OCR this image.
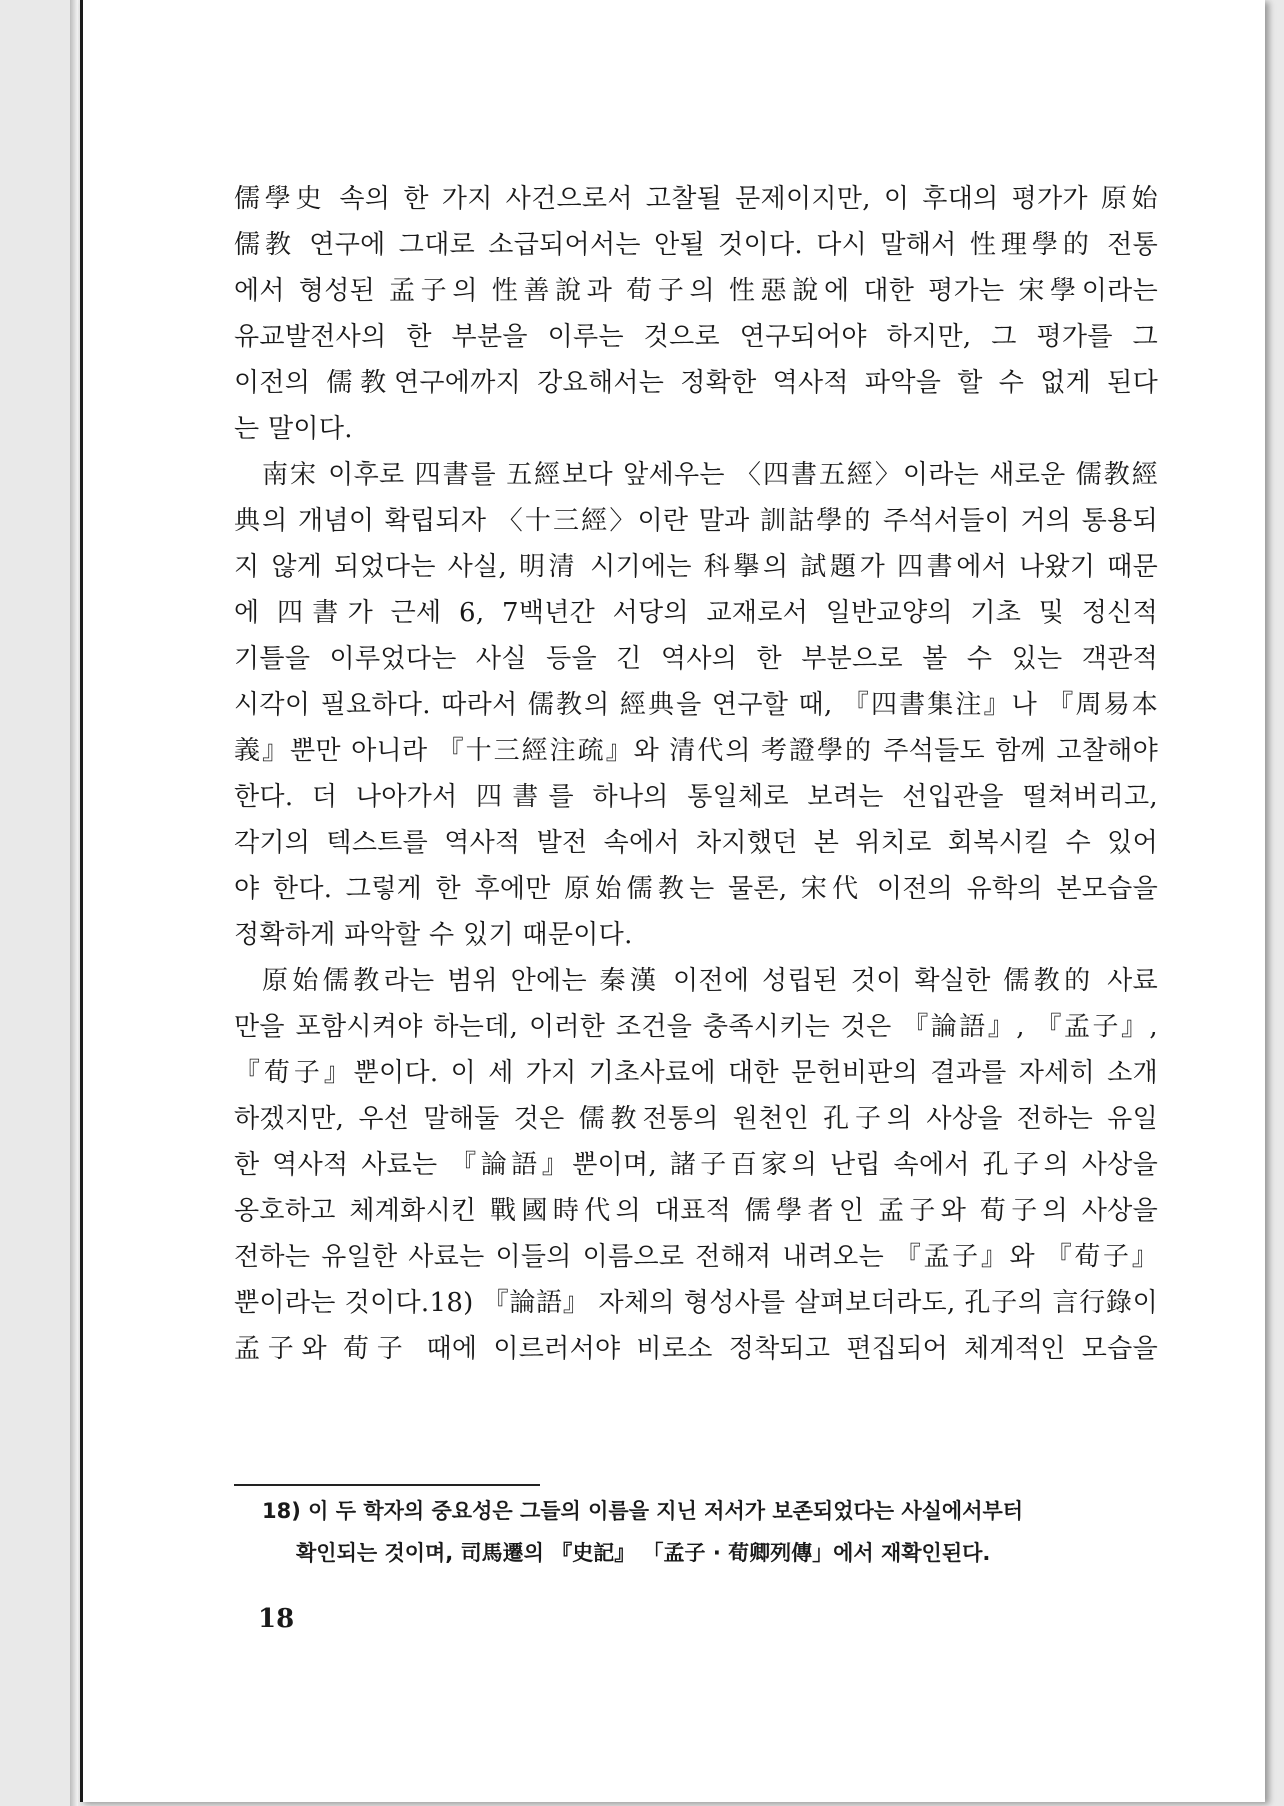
儒學史 속의 한 가지 사건으로서 고찰될 문제이지만, 이 후대의 평가가 原始
儒教 연구에 그대로 소급되어서는 안될 것이다. 다시 말해서 性理學的 전통
에서 형성된 孟子의 性善說과 荀子의 性惡說에 대한 평가는 宋學이라는
유교발전사의 한 부분을 이루는 것으로 연구되어야 하지만, 그 평가를 그
이전의 儒教연구에까지 강요해서는 정확한 역사적 파악을 할 수 없게 된다
는 말이다.
南宋 이후로 四書를 五經보다 앞세우는 〈四書五經〉이라는 새로운 儒教經
典의 개념이 확립되자 〈十三經〉이란 말과 訓詁學的 주석서들이 거의 통용되
지 않게 되었다는 사실, 明清 시기에는 科擧의 試題가 四書에서 나왔기 때문
에 四書가 근세 6, 7백년간 서당의 교재로서 일반교양의 기초 및 정신적
기틀을 이루었다는 사실 등을 긴 역사의 한 부분으로 볼 수 있는 객관적
시각이 필요하다. 따라서 儒教의 經典을 연구할 때, 『四書集注』나 『周易本
義』뿐만 아니라 『十三經注疏』와 清代의 考證學的 주석들도 함께 고찰해야
한다. 더 나아가서 四書를 하나의 통일체로 보려는 선입관을 떨쳐버리고,
각기의 텍스트를 역사적 발전 속에서 차지했던 본 위치로 회복시킬 수 있어
야 한다. 그렇게 한 후에만 原始儒教는 물론, 宋代 이전의 유학의 본모습을
정확하게 파악할 수 있기 때문이다.
原始儒教라는 범위 안에는 秦漢 이전에 성립된 것이 확실한 儒教的 사료
만을 포함시켜야 하는데, 이러한 조건을 충족시키는 것은 『論語』, 『孟子』,
『荀子』뿐이다. 이 세 가지 기초사료에 대한 문헌비판의 결과를 자세히 소개
하겠지만, 우선 말해둘 것은 儒教전통의 원천인 孔子의 사상을 전하는 유일
한 역사적 사료는 『論語』뿐이며, 諸子百家의 난립 속에서 孔子의 사상을
옹호하고 체계화시킨 戰國時代의 대표적 儒學者인 孟子와 荀子의 사상을
전하는 유일한 사료는 이들의 이름으로 전해져 내려오는 『孟子』와 『荀子』
뿐이라는 것이다.18) 『論語』 자체의 형성사를 살펴보더라도, 孔子의 言行錄이
孟子와 荀子 때에 이르러서야 비로소 정착되고 편집되어 체계적인 모습을
18) 이 두 학자의 중요성은 그들의 이름을 지닌 저서가 보존되었다는 사실에서부터
확인되는 것이며, 司馬遷의 『史記』 「孟子 · 荀卿列傳」에서 재확인된다.
18
